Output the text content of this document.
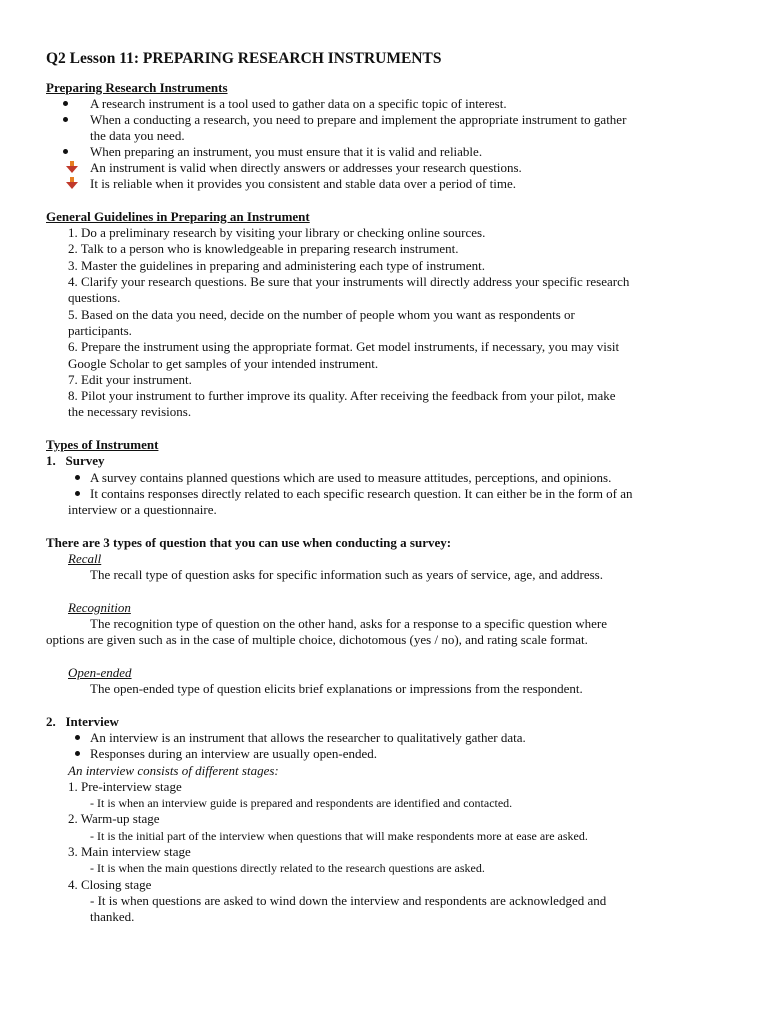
Q2 Lesson 11: PREPARING RESEARCH INSTRUMENTS
Preparing Research Instruments
A research instrument is a tool used to gather data on a specific topic of interest.
When a conducting a research, you need to prepare and implement the appropriate instrument to gather
the data you need.
When preparing an instrument, you must ensure that it is valid and reliable.
An instrument is valid when directly answers or addresses your research questions.
It is reliable when it provides you consistent and stable data over a period of time.
General Guidelines in Preparing an Instrument
1. Do a preliminary research by visiting your library or checking online sources.
2. Talk to a person who is knowledgeable in preparing research instrument.
3. Master the guidelines in preparing and administering each type of instrument.
4. Clarify your research questions. Be sure that your instruments will directly address your specific research
questions.
5. Based on the data you need, decide on the number of people whom you want as respondents or
participants.
6. Prepare the instrument using the appropriate format. Get model instruments, if necessary, you may visit
Google Scholar to get samples of your intended instrument.
7. Edit your instrument.
8. Pilot your instrument to further improve its quality. After receiving the feedback from your pilot, make
the necessary revisions.
Types of Instrument
1.   Survey
A survey contains planned questions which are used to measure attitudes, perceptions, and opinions.
It contains responses directly related to each specific research question. It can either be in the form of an
interview or a questionnaire.
There are 3 types of question that you can use when conducting a survey:
Recall
The recall type of question asks for specific information such as years of service, age, and address.
Recognition
The recognition type of question on the other hand, asks for a response to a specific question where
options are given such as in the case of multiple choice, dichotomous (yes / no), and rating scale format.
Open-ended
The open-ended type of question elicits brief explanations or impressions from the respondent.
2.   Interview
An interview is an instrument that allows the researcher to qualitatively gather data.
Responses during an interview are usually open-ended.
An interview consists of different stages:
1. Pre-interview stage
- It is when an interview guide is prepared and respondents are identified and contacted.
2. Warm-up stage
- It is the initial part of the interview when questions that will make respondents more at ease are asked.
3. Main interview stage
- It is when the main questions directly related to the research questions are asked.
4. Closing stage
- It is when questions are asked to wind down the interview and respondents are acknowledged and
thanked.
